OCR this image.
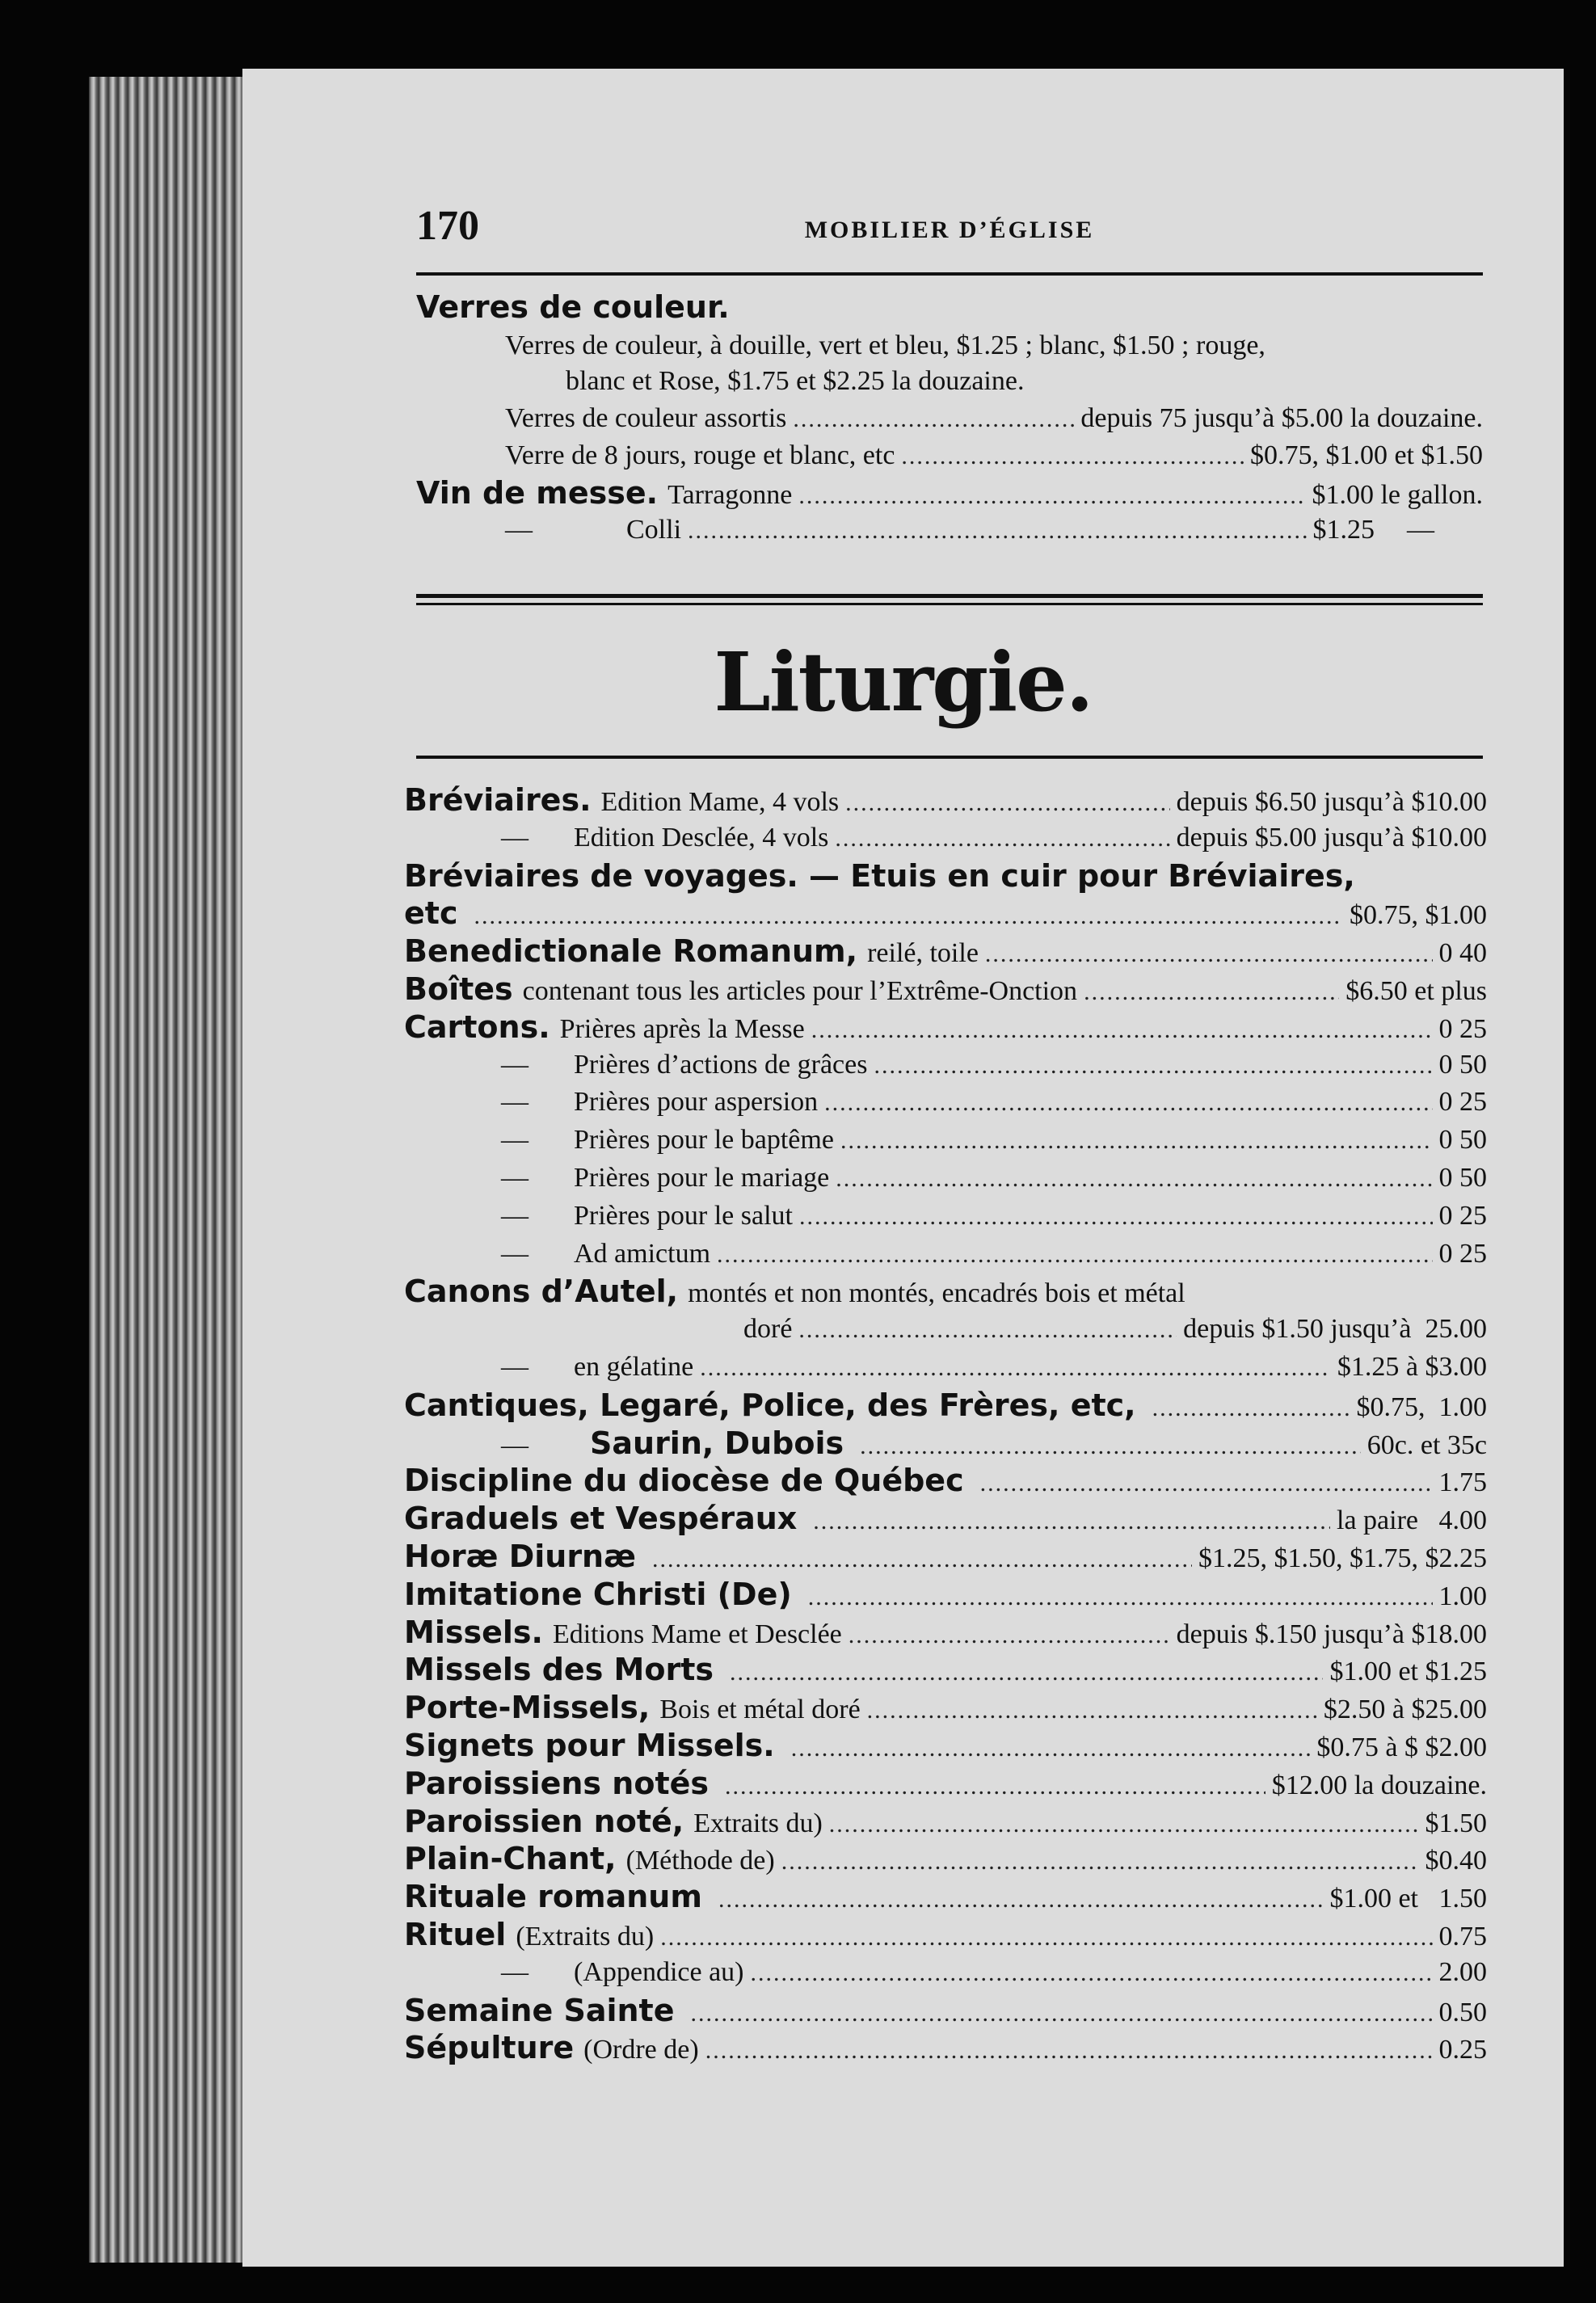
170	MOBILIER D’ÉGLISE
Verres de couleur.
Verres de couleur, à douille, vert et bleu, $1.25 ; blanc, $1.50 ; rouge,
blanc et Rose, $1.75 et $2.25 la douzaine.
Verres de couleur assortis .....	depuis 75 jusqu’à $5.00 la douzaine.
Verre de 8 jours, rouge et blanc, etc .....	$0.75, $1.00 et $1.50
Vin de messe. Tarragonne .....	$1.00 le gallon.
—	Colli .....	$1.25 —
Liturgie.
Bréviaires. Edition Mame, 4 vols .....	depuis $6.50 jusqu’à $10.00
—	Edition Desclée, 4 vols .....	depuis $5.00 jusqu’à $10.00
Bréviaires de voyages. — Etuis en cuir pour Bréviaires,
etc .....	$0.75, $1.00
Benedictionale Romanum, reilé, toile .....	0 40
Boîtes contenant tous les articles pour l’Extrême-Onction .....	$6.50 et plus
Cartons. Prières après la Messe .....	0 25
—	Prières d’actions de grâces .....	0 50
—	Prières pour aspersion .....	0 25
—	Prières pour le baptême .....	0 50
—	Prières pour le mariage .....	0 50
—	Prières pour le salut .....	0 25
—	Ad amictum .....	0 25
Canons d’Autel, montés et non montés, encadrés bois et métal
doré .....	depuis $1.50 jusqu’à  25.00
—	en gélatine .....	$1.25 à $3.00
Cantiques, Legaré, Police, des Frères, etc, .....	$0.75,  1.00
—	Saurin, Dubois .....	60c. et 35c
Discipline du diocèse de Québec .....	1.75
Graduels et Vespéraux .....	la paire   4.00
Horæ Diurnæ .....	$1.25, $1.50, $1.75, $2.25
Imitatione Christi (De) .....	1.00
Missels. Editions Mame et Desclée .....	depuis $.150 jusqu’à $18.00
Missels des Morts .....	$1.00 et $1.25
Porte-Missels, Bois et métal doré .....	$2.50 à $25.00
Signets pour Missels. .....	$0.75 à $ $2.00
Paroissiens notés .....	$12.00 la douzaine.
Paroissien noté, Extraits du) .....	$1.50
Plain-Chant, (Méthode de) .....	$0.40
Rituale romanum .....	$1.00 et   1.50
Rituel (Extraits du) .....	0.75
—	(Appendice au) .....	2.00
Semaine Sainte .....	0.50
Sépulture (Ordre de) .....	0.25
